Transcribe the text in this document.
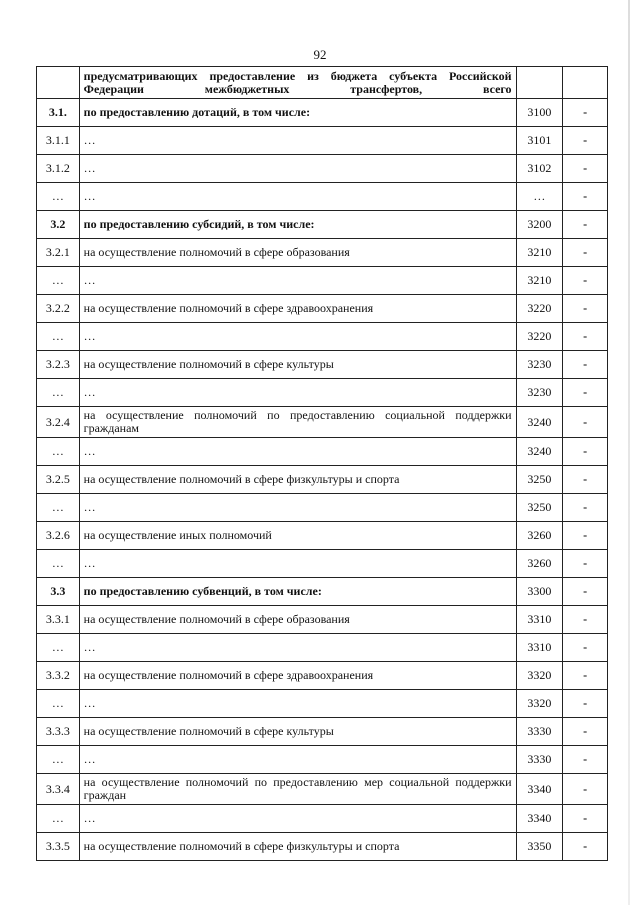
92
	предусматривающих предоставление из бюджета субъекта Российской Федерации межбюджетных трансфертов, всего		
3.1.	по предоставлению дотаций, в том числе:	3100	-
3.1.1	…	3101	-
3.1.2	…	3102	-
…	…	…	-
3.2	по предоставлению субсидий, в том числе:	3200	-
3.2.1	на осуществление полномочий в сфере образования	3210	-
…	…	3210	-
3.2.2	на осуществление полномочий в сфере здравоохранения	3220	-
…	…	3220	-
3.2.3	на осуществление полномочий в сфере культуры	3230	-
…	…	3230	-
3.2.4	на осуществление полномочий по предоставлению социальной поддержки гражданам	3240	-
…	…	3240	-
3.2.5	на осуществление полномочий в сфере физкультуры и спорта	3250	-
…	…	3250	-
3.2.6	на осуществление иных полномочий	3260	-
…	…	3260	-
3.3	по предоставлению субвенций, в том числе:	3300	-
3.3.1	на осуществление полномочий в сфере образования	3310	-
…	…	3310	-
3.3.2	на осуществление полномочий в сфере здравоохранения	3320	-
…	…	3320	-
3.3.3	на осуществление полномочий в сфере культуры	3330	-
…	…	3330	-
3.3.4	на осуществление полномочий по предоставлению мер социальной поддержки граждан	3340	-
…	…	3340	-
3.3.5	на осуществление полномочий в сфере физкультуры и спорта	3350	-
